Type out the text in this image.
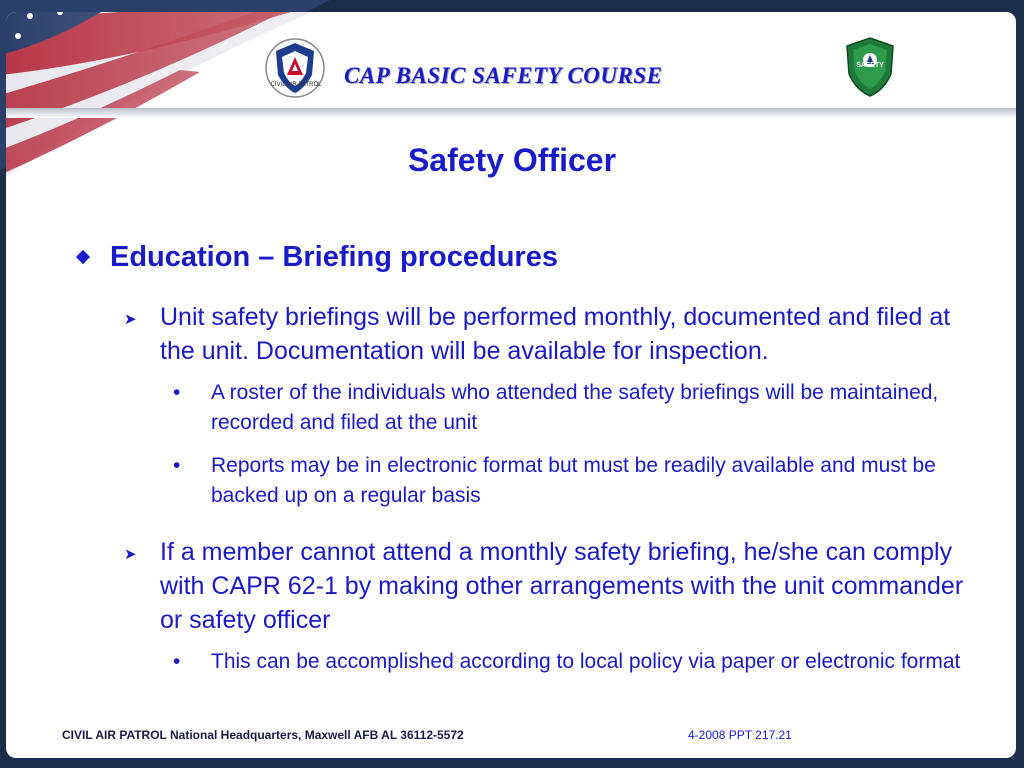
CIVIL AIR PATROL CAP BASIC SAFETY COURSE	SAFETY
Safety Officer
Education – Briefing procedures
➤ Unit safety briefings will be performed monthly, documented and filed at the unit. Documentation will be available for inspection.
• A roster of the individuals who attended the safety briefings will be maintained, recorded and filed at the unit
• Reports may be in electronic format but must be readily available and must be backed up on a regular basis
➤ If a member cannot attend a monthly safety briefing, he/she can comply with CAPR 62-1 by making other arrangements with the unit commander or safety officer
• This can be accomplished according to local policy via paper or electronic format
CIVIL AIR PATROL National Headquarters, Maxwell AFB AL 36112-5572	4-2008 PPT 217.21
